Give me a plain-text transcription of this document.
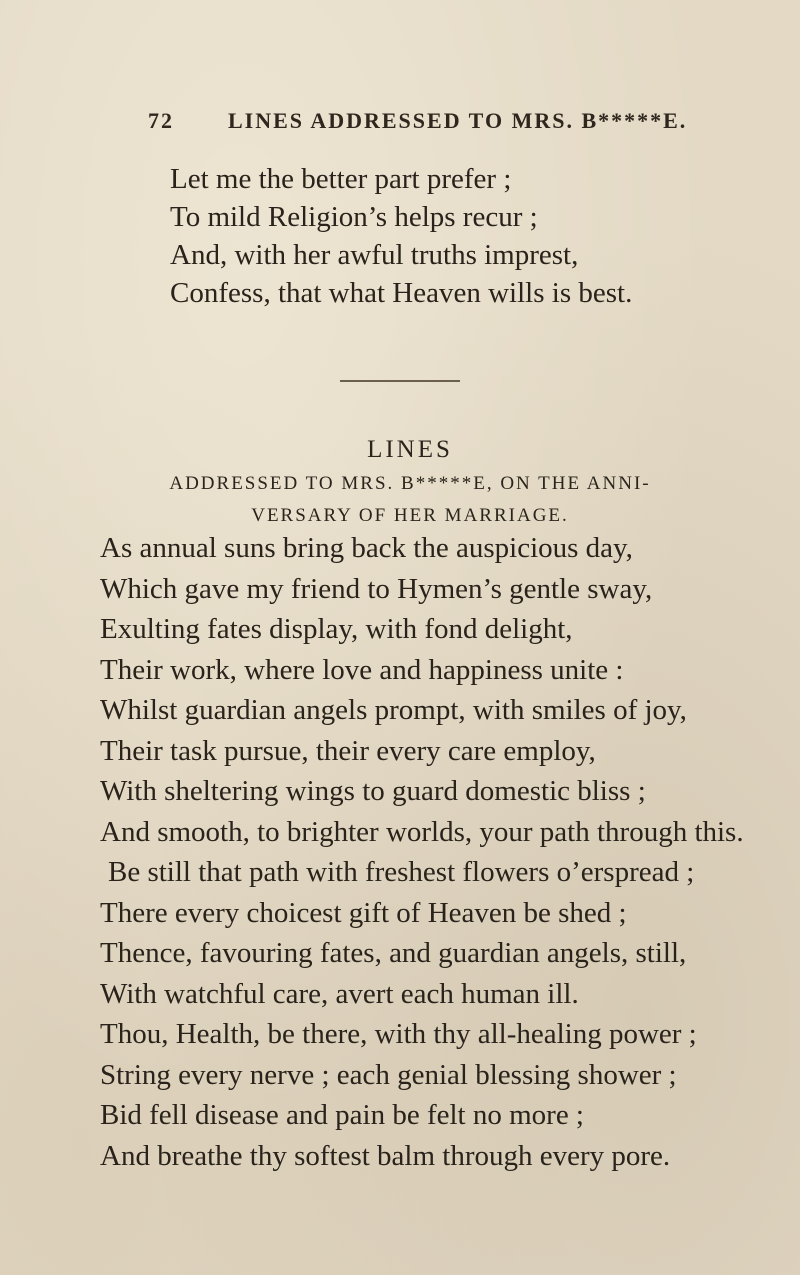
72 LINES ADDRESSED TO MRS. B*****E.
Let me the better part prefer ;
To mild Religion’s helps recur ;
And, with her awful truths imprest,
Confess, that what Heaven wills is best.
LINES
ADDRESSED TO MRS. B*****E, ON THE ANNI-
VERSARY OF HER MARRIAGE.
As annual suns bring back the auspicious day,
Which gave my friend to Hymen’s gentle sway,
Exulting fates display, with fond delight,
Their work, where love and happiness unite :
Whilst guardian angels prompt, with smiles of joy,
Their task pursue, their every care employ,
With sheltering wings to guard domestic bliss ;
And smooth, to brighter worlds, your path through this.
Be still that path with freshest flowers o’erspread ;
There every choicest gift of Heaven be shed ;
Thence, favouring fates, and guardian angels, still,
With watchful care, avert each human ill.
Thou, Health, be there, with thy all-healing power ;
String every nerve ; each genial blessing shower ;
Bid fell disease and pain be felt no more ;
And breathe thy softest balm through every pore.
